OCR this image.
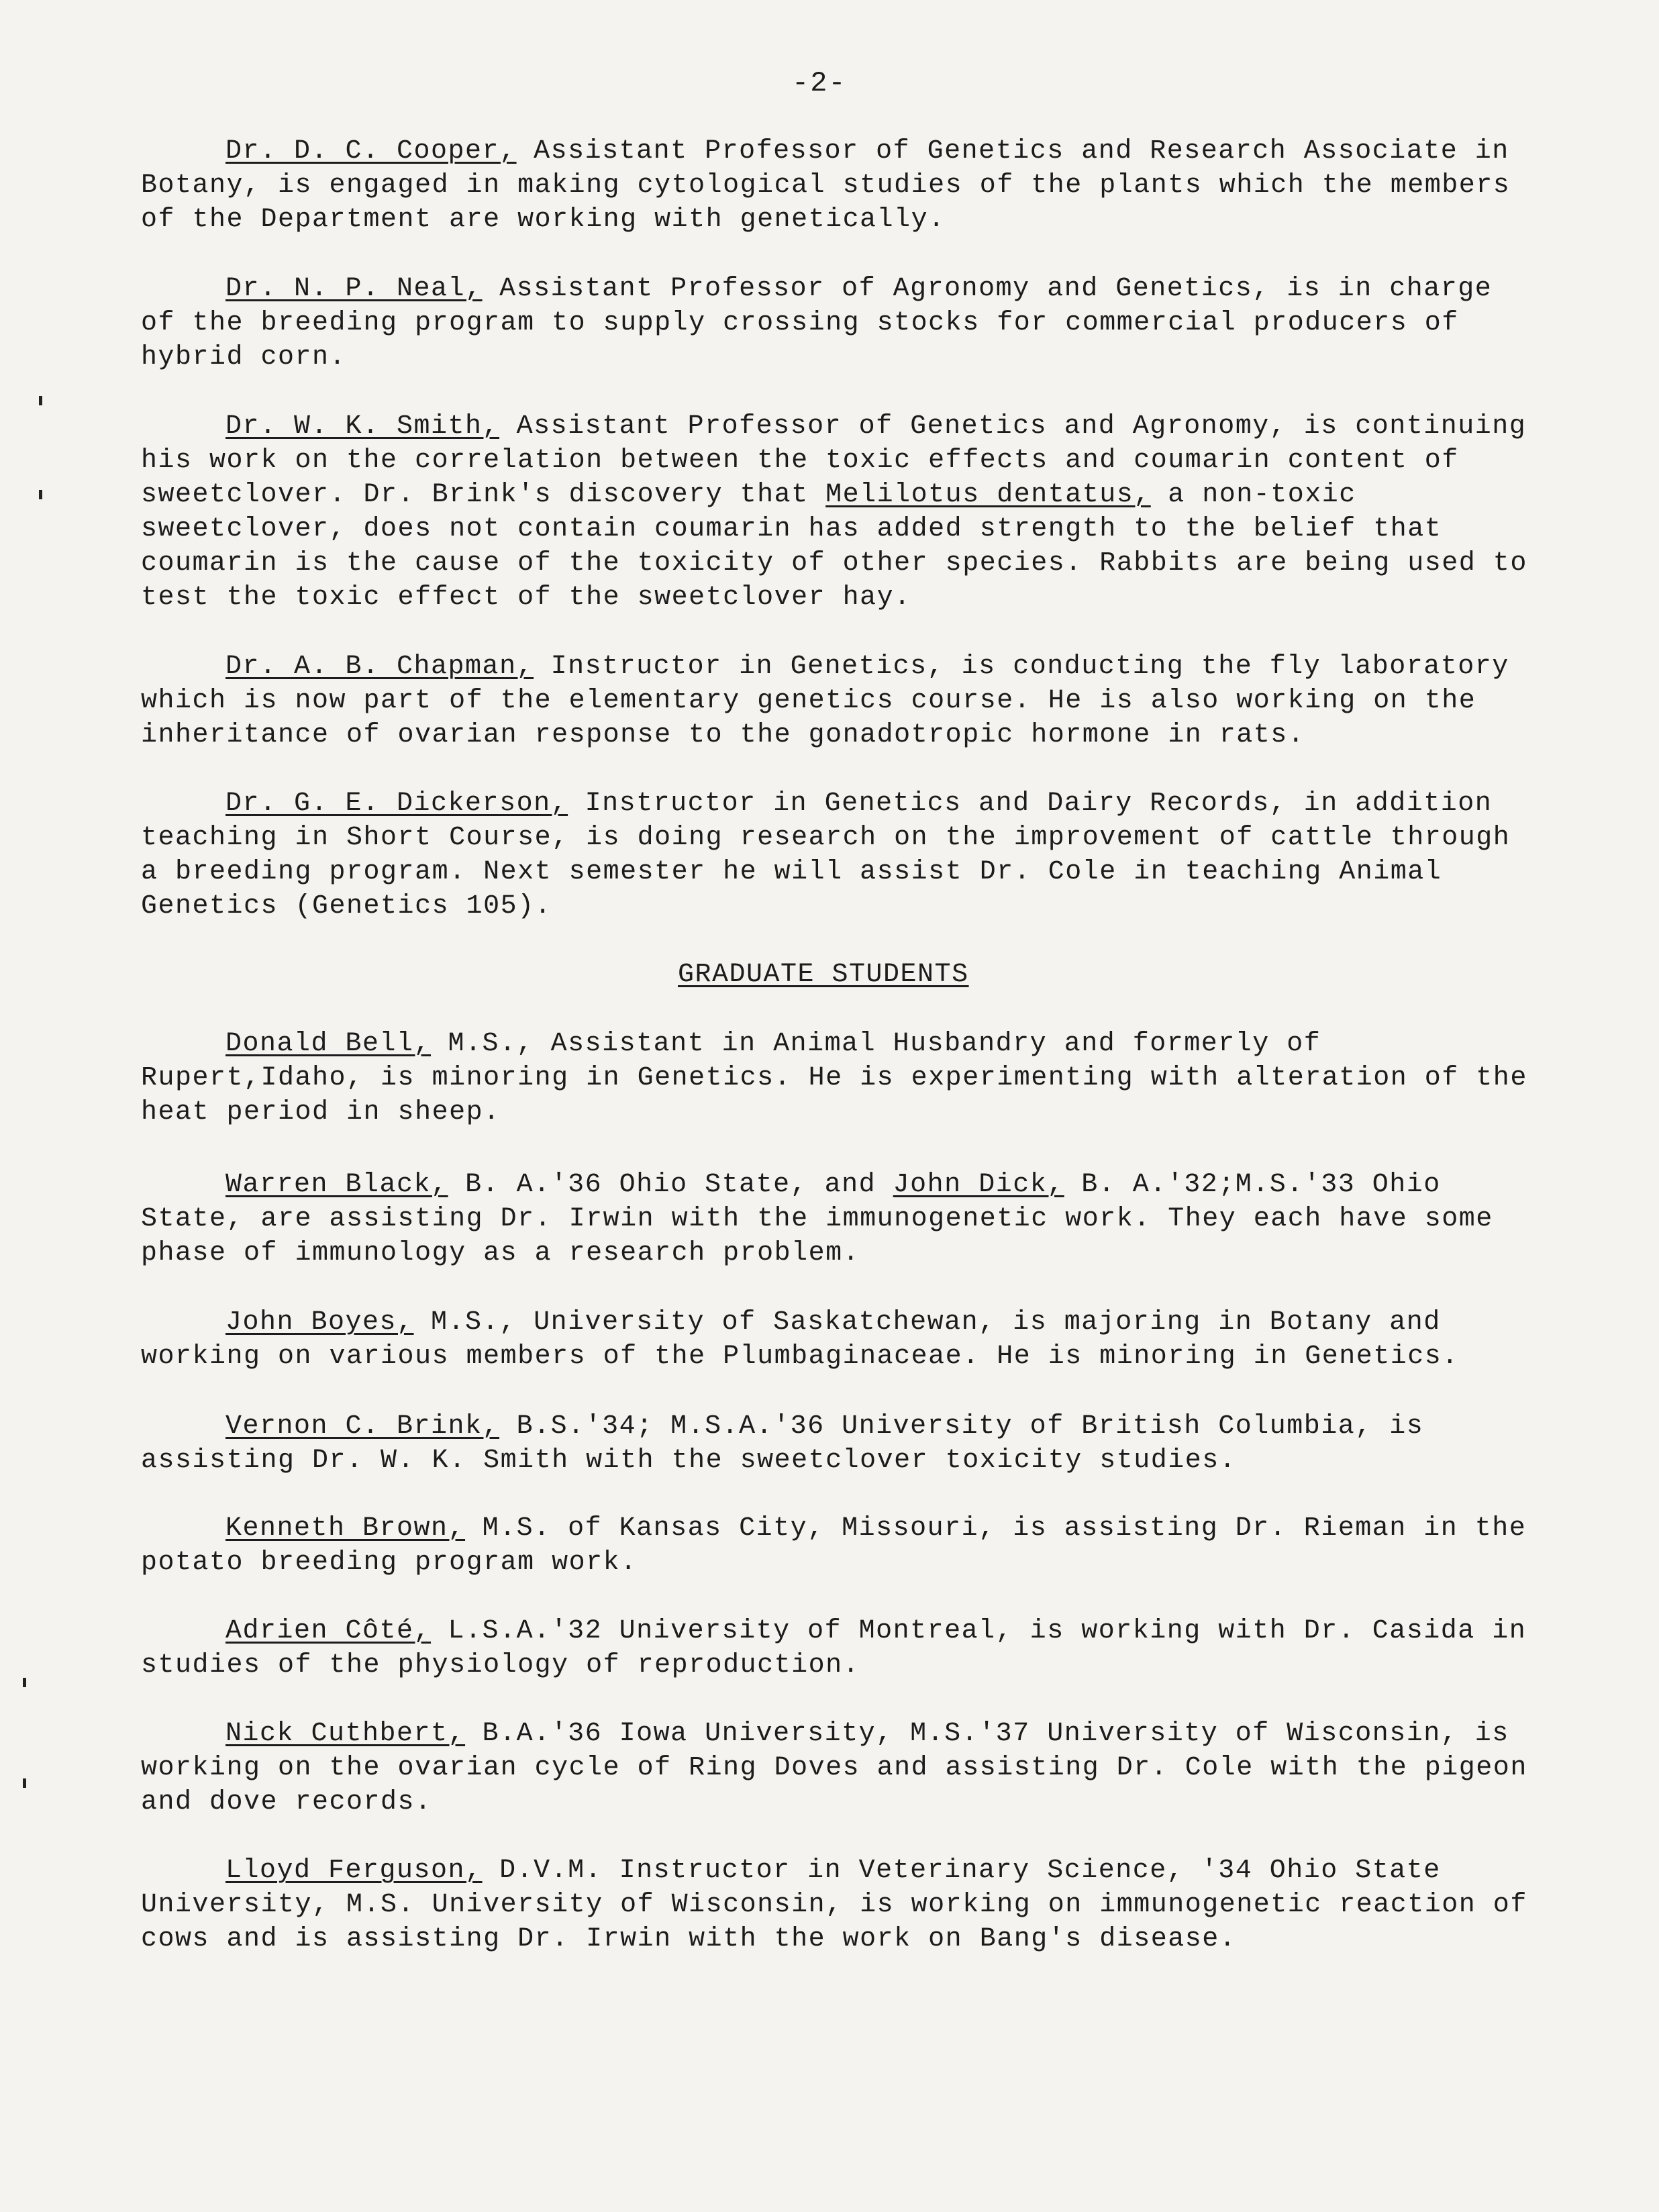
-2-
Dr. D. C. Cooper, Assistant Professor of Genetics and Research Associate in Botany, is engaged in making cytological studies of the plants which the members of the Department are working with genetically.
Dr. N. P. Neal, Assistant Professor of Agronomy and Genetics, is in charge of the breeding program to supply crossing stocks for commercial producers of hybrid corn.
Dr. W. K. Smith, Assistant Professor of Genetics and Agronomy, is continuing his work on the correlation between the toxic effects and coumarin content of sweetclover. Dr. Brink's discovery that Melilotus dentatus, a non-toxic sweetclover, does not contain coumarin has added strength to the belief that coumarin is the cause of the toxicity of other species. Rabbits are being used to test the toxic effect of the sweetclover hay.
Dr. A. B. Chapman, Instructor in Genetics, is conducting the fly laboratory which is now part of the elementary genetics course. He is also working on the inheritance of ovarian response to the gonadotropic hormone in rats.
Dr. G. E. Dickerson, Instructor in Genetics and Dairy Records, in addition teaching in Short Course, is doing research on the improvement of cattle through a breeding program. Next semester he will assist Dr. Cole in teaching Animal Genetics (Genetics 105).
GRADUATE STUDENTS
Donald Bell, M.S., Assistant in Animal Husbandry and formerly of Rupert,Idaho, is minoring in Genetics. He is experimenting with alteration of the heat period in sheep.
Warren Black, B. A.'36 Ohio State, and John Dick, B. A.'32;M.S.'33 Ohio State, are assisting Dr. Irwin with the immunogenetic work. They each have some phase of immunology as a research problem.
John Boyes, M.S., University of Saskatchewan, is majoring in Botany and working on various members of the Plumbaginaceae. He is minoring in Genetics.
Vernon C. Brink, B.S.'34; M.S.A.'36 University of British Columbia, is assisting Dr. W. K. Smith with the sweetclover toxicity studies.
Kenneth Brown, M.S. of Kansas City, Missouri, is assisting Dr. Rieman in the potato breeding program work.
Adrien Côté, L.S.A.'32 University of Montreal, is working with Dr. Casida in studies of the physiology of reproduction.
Nick Cuthbert, B.A.'36 Iowa University, M.S.'37 University of Wisconsin, is working on the ovarian cycle of Ring Doves and assisting Dr. Cole with the pigeon and dove records.
Lloyd Ferguson, D.V.M. Instructor in Veterinary Science, '34 Ohio State University, M.S. University of Wisconsin, is working on immunogenetic reaction of cows and is assisting Dr. Irwin with the work on Bang's disease.
